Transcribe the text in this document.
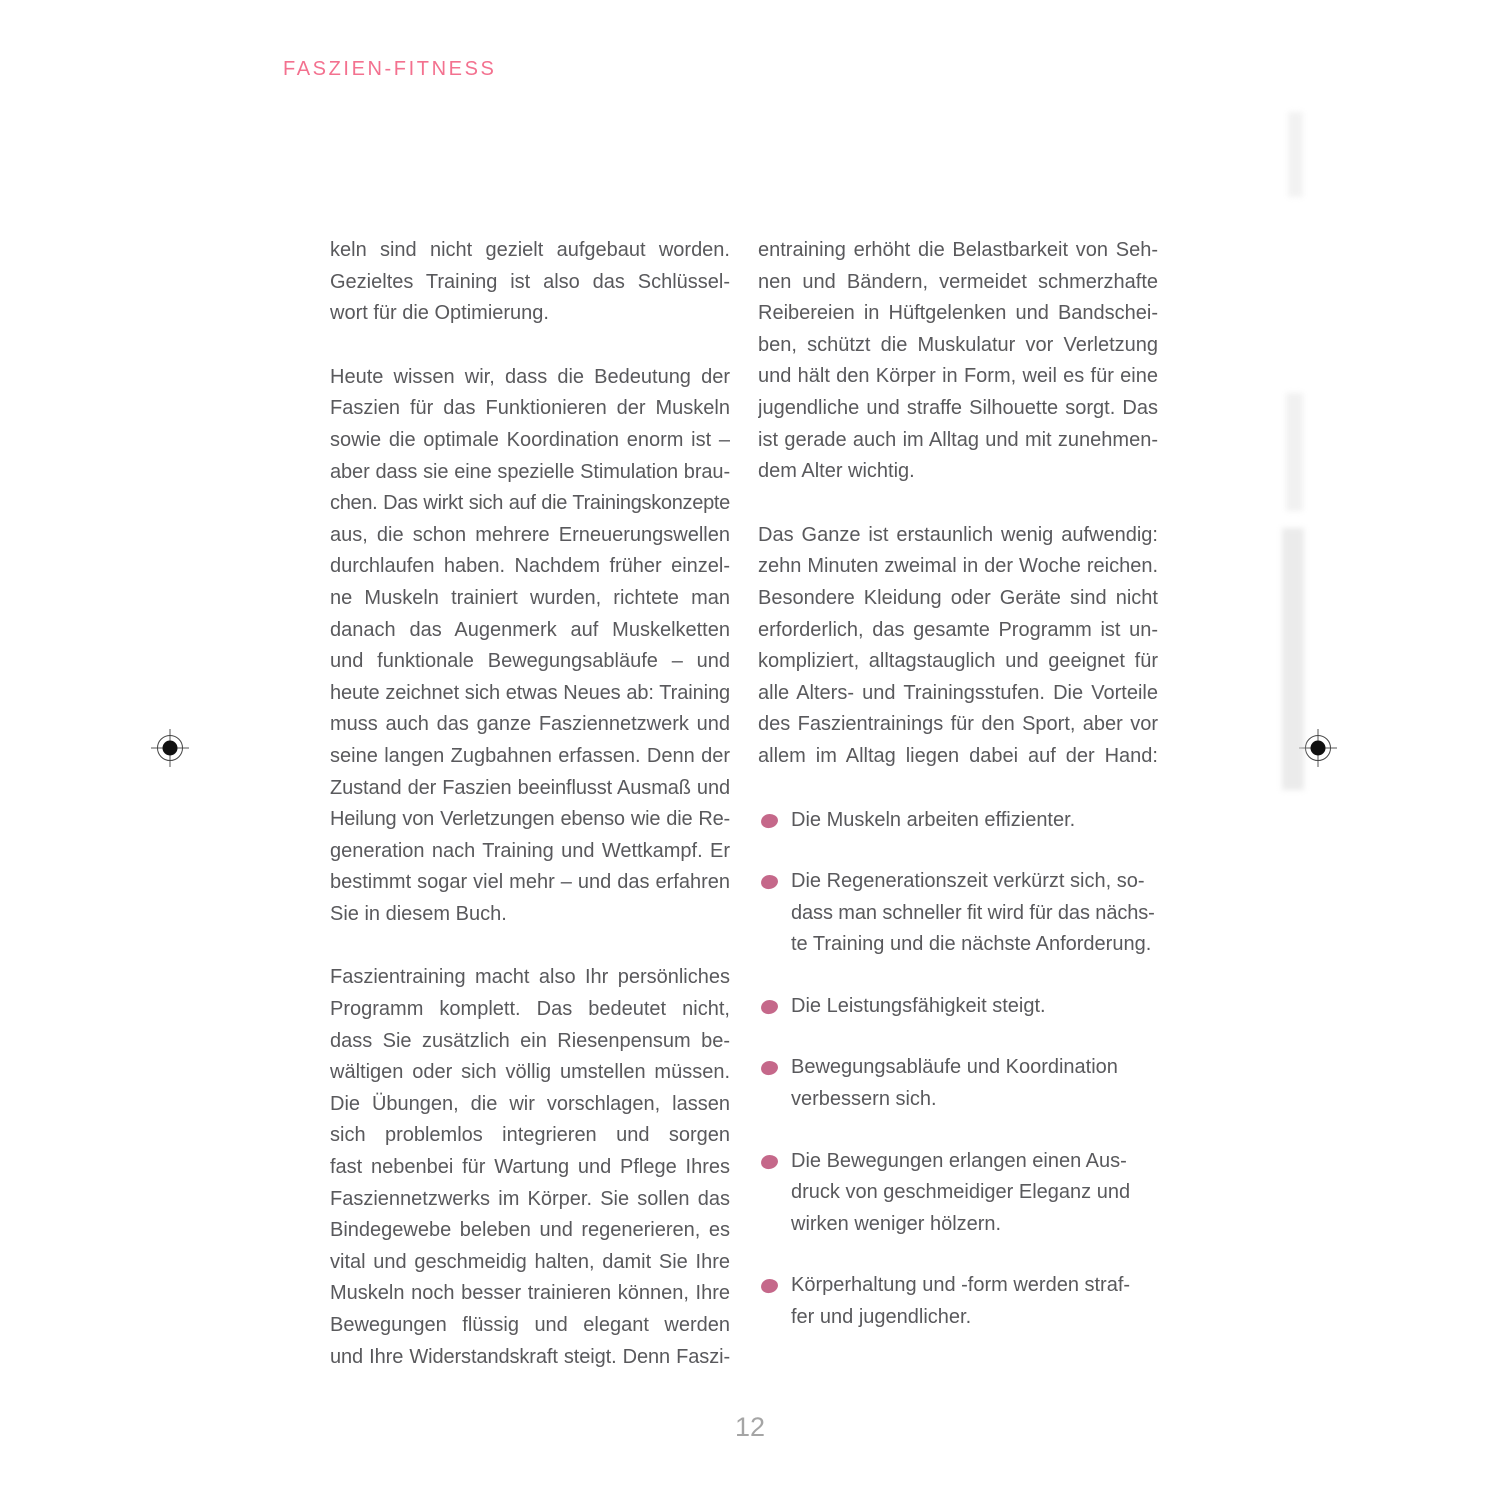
FASZIEN-FITNESS
keln sind nicht gezielt aufgebaut worden.
Gezieltes Training ist also das Schlüssel-
wort für die Optimierung.
Heute wissen wir, dass die Bedeutung der
Faszien für das Funktionieren der Muskeln
sowie die optimale Koordination enorm ist –
aber dass sie eine spezielle Stimulation brau-
chen. Das wirkt sich auf die Trainingskonzepte
aus, die schon mehrere Erneuerungswellen
durchlaufen haben. Nachdem früher einzel-
ne Muskeln trainiert wurden, richtete man
danach das Augenmerk auf Muskelketten
und funktionale Bewegungsabläufe – und
heute zeichnet sich etwas Neues ab: Training
muss auch das ganze Fasziennetzwerk und
seine langen Zugbahnen erfassen. Denn der
Zustand der Faszien beeinflusst Ausmaß und
Heilung von Verletzungen ebenso wie die Re-
generation nach Training und Wettkampf. Er
bestimmt sogar viel mehr – und das erfahren
Sie in diesem Buch.
Faszientraining macht also Ihr persönliches
Programm komplett. Das bedeutet nicht,
dass Sie zusätzlich ein Riesenpensum be-
wältigen oder sich völlig umstellen müssen.
Die Übungen, die wir vorschlagen, lassen
sich problemlos integrieren und sorgen
fast nebenbei für Wartung und Pflege Ihres
Fasziennetzwerks im Körper. Sie sollen das
Bindegewebe beleben und regenerieren, es
vital und geschmeidig halten, damit Sie Ihre
Muskeln noch besser trainieren können, Ihre
Bewegungen flüssig und elegant werden
und Ihre Widerstandskraft steigt. Denn Faszi-
entraining erhöht die Belastbarkeit von Seh-
nen und Bändern, vermeidet schmerzhafte
Reibereien in Hüftgelenken und Bandschei-
ben, schützt die Muskulatur vor Verletzung
und hält den Körper in Form, weil es für eine
jugendliche und straffe Silhouette sorgt. Das
ist gerade auch im Alltag und mit zunehmen-
dem Alter wichtig.
Das Ganze ist erstaunlich wenig aufwendig:
zehn Minuten zweimal in der Woche reichen.
Besondere Kleidung oder Geräte sind nicht
erforderlich, das gesamte Programm ist un-
kompliziert, alltagstauglich und geeignet für
alle Alters- und Trainingsstufen. Die Vorteile
des Faszientrainings für den Sport, aber vor
allem im Alltag liegen dabei auf der Hand:
Die Muskeln arbeiten effizienter.
Die Regenerationszeit verkürzt sich, so-
dass man schneller fit wird für das nächs-
te Training und die nächste Anforderung.
Die Leistungsfähigkeit steigt.
Bewegungsabläufe und Koordination
verbessern sich.
Die Bewegungen erlangen einen Aus-
druck von geschmeidiger Eleganz und
wirken weniger hölzern.
Körperhaltung und -form werden straf-
fer und jugendlicher.
12
